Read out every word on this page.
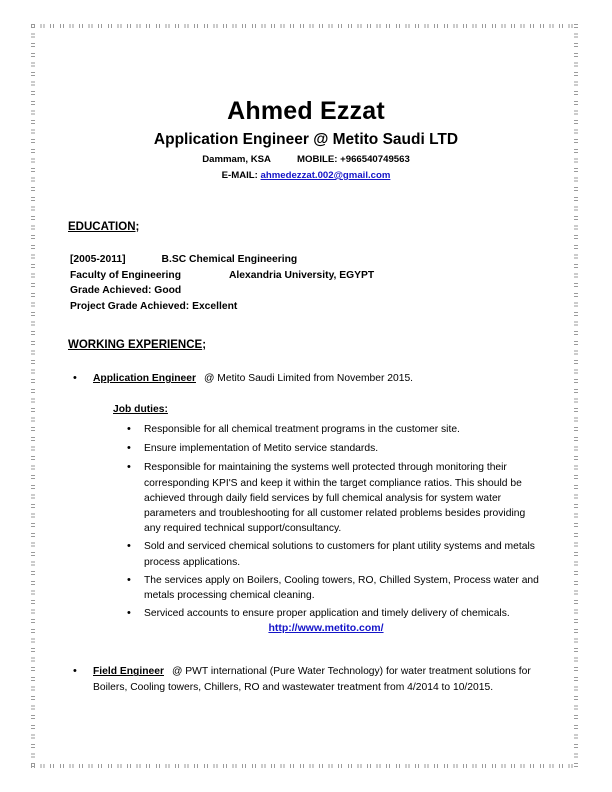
Ahmed Ezzat
Application Engineer @ Metito Saudi LTD
Dammam, KSA	MOBILE: +966540749563
E-MAIL: ahmedezzat.002@gmail.com
EDUCATION;
[2005-2011]	B.SC Chemical Engineering
Faculty of Engineering	Alexandria University, EGYPT
Grade Achieved: Good
Project Grade Achieved: Excellent
WORKING EXPERIENCE;
• Application Engineer @ Metito Saudi Limited from November 2015.
Job duties:
• Responsible for all chemical treatment programs in the customer site.
• Ensure implementation of Metito service standards.
• Responsible for maintaining the systems well protected through monitoring their corresponding KPI'S and keep it within the target compliance ratios. This should be achieved through daily field services by full chemical analysis for system water parameters and troubleshooting for all customer related problems besides providing any required technical support/consultancy.
• Sold and serviced chemical solutions to customers for plant utility systems and metals process applications.
• The services apply on Boilers, Cooling towers, RO, Chilled System, Process water and metals processing chemical cleaning.
• Serviced accounts to ensure proper application and timely delivery of chemicals.
http://www.metito.com/
• Field Engineer @ PWT international (Pure Water Technology) for water treatment solutions for Boilers, Cooling towers, Chillers, RO and wastewater treatment from 4/2014 to 10/2015.
